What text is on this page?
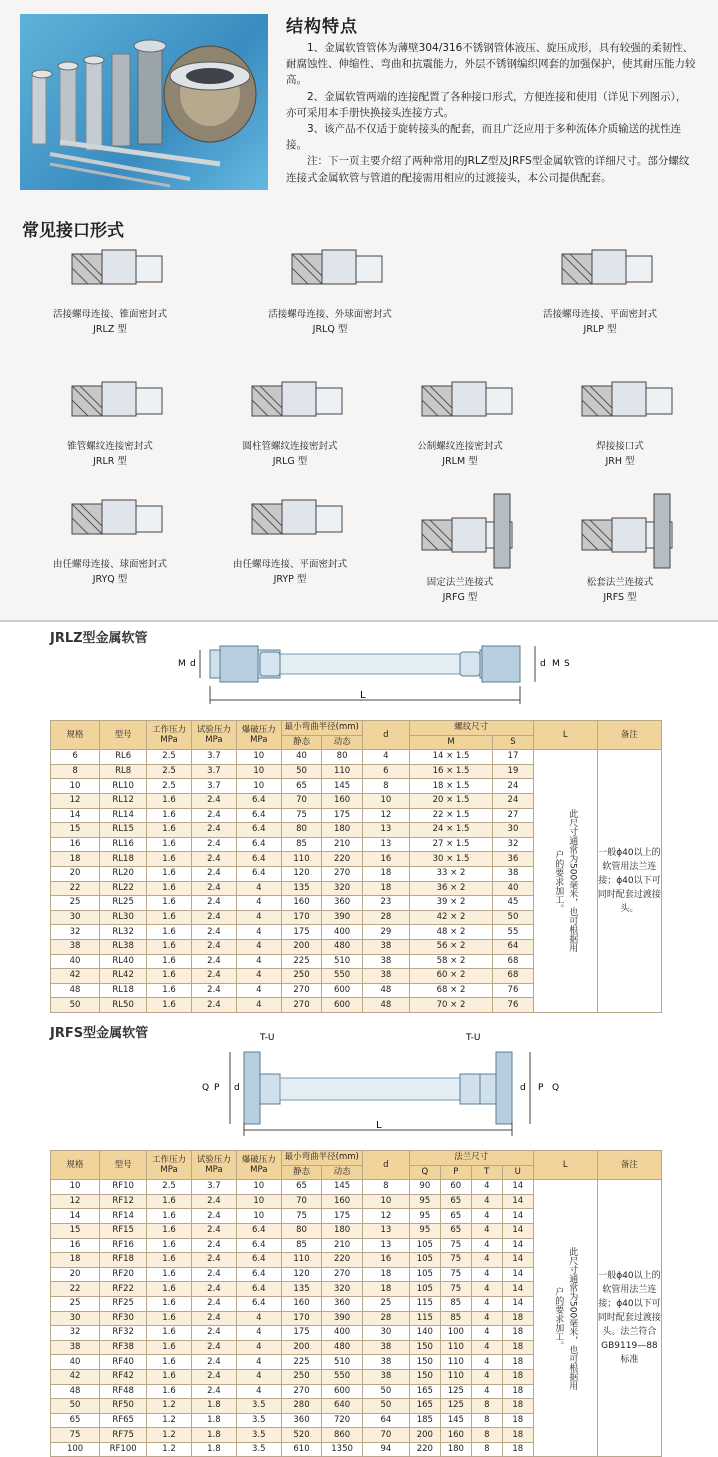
结构特点

1、金属软管管体为薄壁304/316不锈钢管体液压、旋压成形，具有较强的柔韧性、耐腐蚀性、伸缩性、弯曲和抗震能力，外层不锈钢编织网套的加强保护，使其耐压能力较高。

2、金属软管两端的连接配置了各种接口形式，方便连接和使用（详见下列图示），亦可采用本手册快换接头连接方式。

3、该产品不仅适于旋转接头的配套，而且广泛应用于多种流体介质输送的扰性连接。

注：下一页主要介绍了两种常用的JRLZ型及JRFS型金属软管的详细尺寸。部分螺纹连接式金属软管与管道的配接需用相应的过渡接头，本公司提供配套。

常见接口形式
活接螺母连接、锥面密封式
JRLZ 型
活接螺母连接、外球面密封式
JRLQ 型
活接螺母连接、平面密封式
JRLP 型
锥管螺纹连接密封式
JRLR 型
圆柱管螺纹连接密封式
JRLG 型
公制螺纹连接密封式
JRLM 型
焊接接口式
JRH 型
由任螺母连接、球面密封式
JRYQ 型
由任螺母连接、平面密封式
JRYP 型	固定法兰连接式
JRFG 型
松套法兰连接式
JRFS 型
JRLZ型金属软管
L
M d	d M S
规格	型号	工作压力
MPa	试验压力
MPa	爆破压力
MPa	最小弯曲半径(mm)		d	螺纹尺寸		L	备注
					静态	动态		M	S		
6	RL6	2.5	3.7	10	40	80	4	14 × 1.5	17	此尺寸通常为500毫米，也可根据用户的要求加工。	一般ϕ40以上的软管用法兰连接；ϕ40以下可同时配套过渡接头。
8	RL8	2.5	3.7	10	50	110	6	16 × 1.5	19		
10	RL10	2.5	3.7	10	65	145	8	18 × 1.5	24		
12	RL12	1.6	2.4	6.4	70	160	10	20 × 1.5	24		
14	RL14	1.6	2.4	6.4	75	175	12	22 × 1.5	27		
15	RL15	1.6	2.4	6.4	80	180	13	24 × 1.5	30		
16	RL16	1.6	2.4	6.4	85	210	13	27 × 1.5	32		
18	RL18	1.6	2.4	6.4	110	220	16	30 × 1.5	36		
20	RL20	1.6	2.4	6.4	120	270	18	33 × 2	38		
22	RL22	1.6	2.4	4	135	320	18	36 × 2	40		
25	RL25	1.6	2.4	4	160	360	23	39 × 2	45		
30	RL30	1.6	2.4	4	170	390	28	42 × 2	50		
32	RL32	1.6	2.4	4	175	400	29	48 × 2	55		
38	RL38	1.6	2.4	4	200	480	38	56 × 2	64		
40	RL40	1.6	2.4	4	225	510	38	58 × 2	68		
42	RL42	1.6	2.4	4	250	550	38	60 × 2	68		
48	RL18	1.6	2.4	4	270	600	48	68 × 2	76		
50	RL50	1.6	2.4	4	270	600	48	70 × 2	76		
JRFS型金属软管	T-U	T-U
L
Q P d	d P Q
规格	型号	工作压力
MPa	试验压力
MPa	爆破压力
MPa	最小弯曲半径(mm)		d	法兰尺寸				L	备注
					静态	动态		Q	P	T	U		
10	RF10	2.5	3.7	10	65	145	8	90	60	4	14	此尺寸通常为500毫米，也可根据用户的要求加工。	一般ϕ40以上的软管用法兰连接；ϕ40以下可同时配套过渡接头。法兰符合GB9119—88标准
12	RF12	1.6	2.4	10	70	160	10	95	65	4	14		
14	RF14	1.6	2.4	10	75	175	12	95	65	4	14		
15	RF15	1.6	2.4	6.4	80	180	13	95	65	4	14		
16	RF16	1.6	2.4	6.4	85	210	13	105	75	4	14		
18	RF18	1.6	2.4	6.4	110	220	16	105	75	4	14		
20	RF20	1.6	2.4	6.4	120	270	18	105	75	4	14		
22	RF22	1.6	2.4	6.4	135	320	18	105	75	4	14		
25	RF25	1.6	2.4	6.4	160	360	25	115	85	4	14		
30	RF30	1.6	2.4	4	170	390	28	115	85	4	18		
32	RF32	1.6	2.4	4	175	400	30	140	100	4	18		
38	RF38	1.6	2.4	4	200	480	38	150	110	4	18		
40	RF40	1.6	2.4	4	225	510	38	150	110	4	18		
42	RF42	1.6	2.4	4	250	550	38	150	110	4	18		
48	RF48	1.6	2.4	4	270	600	50	165	125	4	18		
50	RF50	1.2	1.8	3.5	280	640	50	165	125	8	18		
65	RF65	1.2	1.8	3.5	360	720	64	185	145	8	18		
75	RF75	1.2	1.8	3.5	520	860	70	200	160	8	18		
100	RF100	1.2	1.8	3.5	610	1350	94	220	180	8	18		
